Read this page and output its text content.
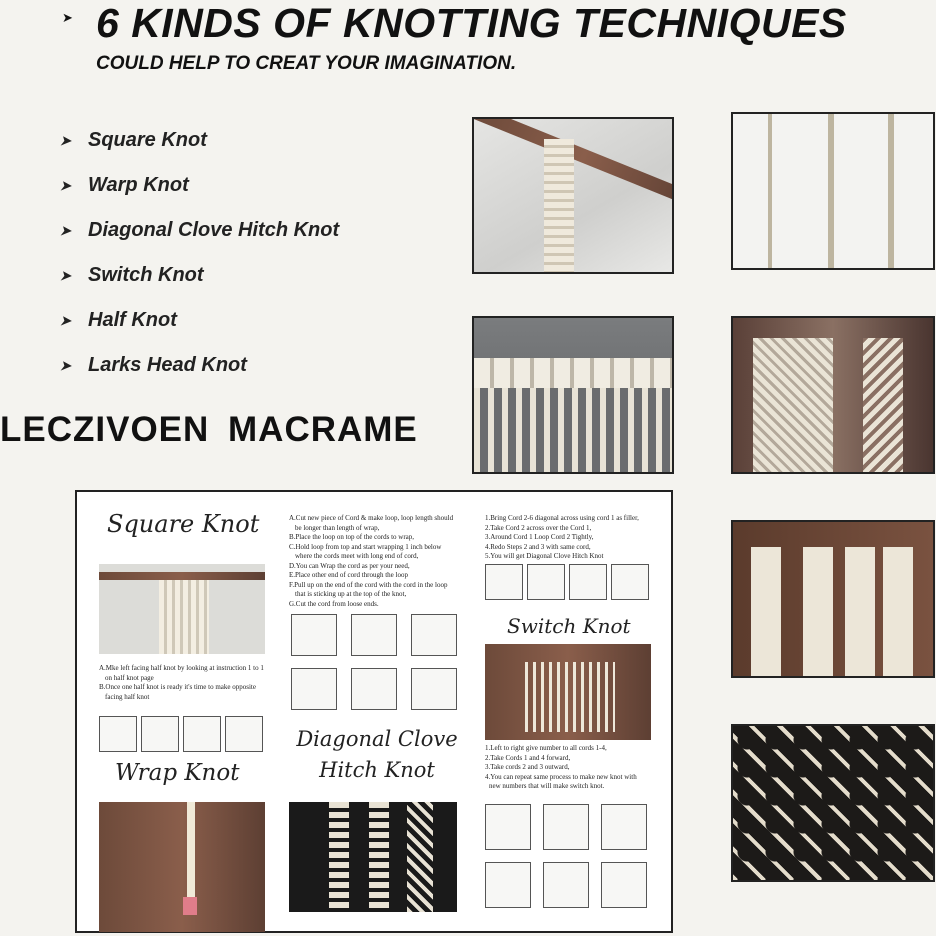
➤ 6 KINDS OF KNOTTING TECHNIQUES
COULD HELP TO CREAT YOUR IMAGINATION.
➤ Square Knot
➤ Warp Knot
➤ Diagonal Clove Hitch Knot
➤ Switch Knot
➤ Half Knot
➤ Larks Head Knot
LECZIVOEN MACRAME
Square Knot
A.Mke left facing half knot by looking at instruction 1 to 1
on half knot page
B.Once one half knot is ready it's time to make opposite
facing half knot
Wrap Knot
A.Cut new piece of Cord & make loop, loop length should
be longer than length of wrap,
B.Place the loop on top of the cords to wrap,
C.Hold loop from top and start wrapping 1 inch below
where the cords meet with long end of cord,
D.You can Wrap the cord as per your need,
E.Place other end of cord through the loop
F.Pull up on the end of the cord with the cord in the loop
that is sticking up at the top of the knot,
G.Cut the cord from loose ends.
Diagonal Clove
Hitch Knot
1.Bring Cord 2-6 diagonal across using cord 1 as filler,
2.Take Cord 2 across over the Cord 1,
3.Around Cord 1 Loop Cord 2 Tightly,
4.Redo Steps 2 and 3 with same cord,
5.You will get Diagonal Clove Hitch Knot
Switch Knot
1.Left to right give number to all cords 1-4,
2.Take Cords 1 and 4 forward,
3.Take cords 2 and 3 outward,
4.You can repeat same process to make new knot with
new numbers that will make switch knot.
